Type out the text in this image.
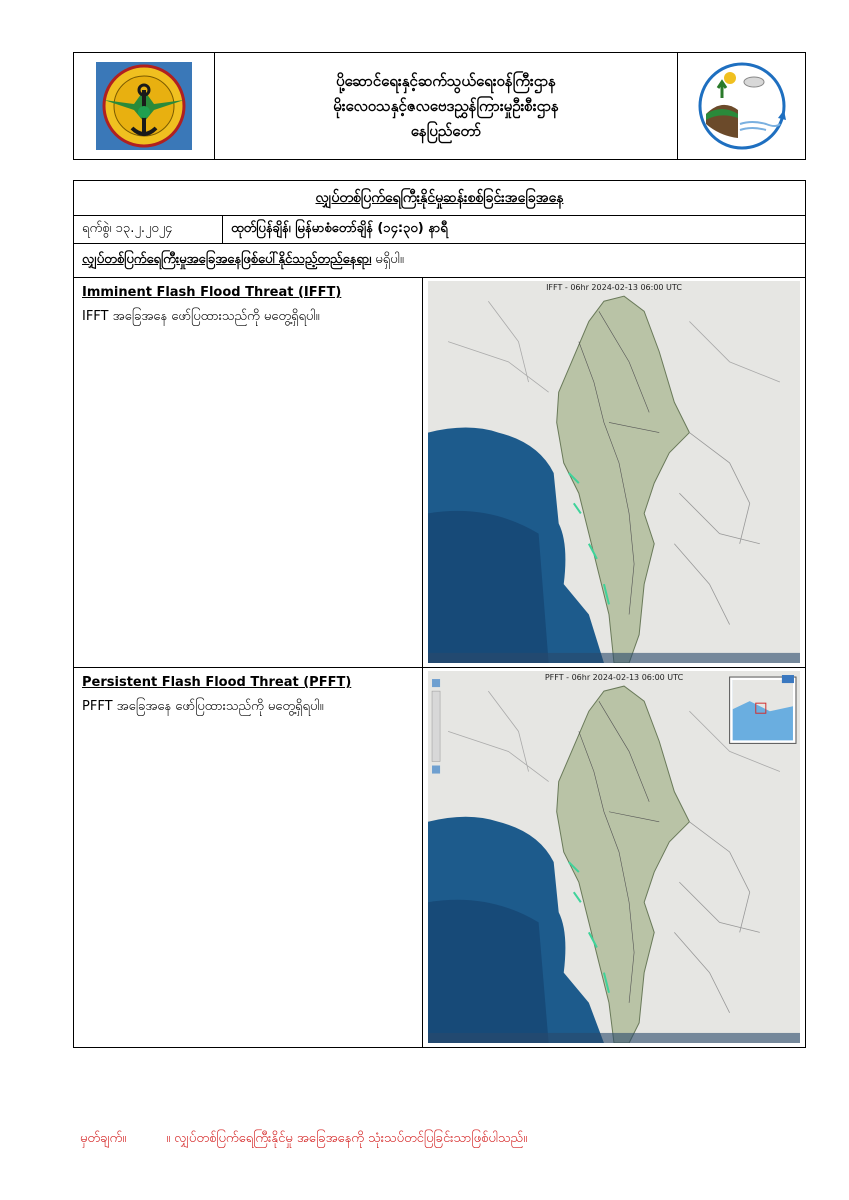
ပို့ဆောင်ရေးနှင့်ဆက်သွယ်ရေးဝန်ကြီးဌာန
မိုးလေဝသနှင့်ဇလဗေဒညွှန်ကြားမှုဦးစီးဌာန
နေပြည်တော်
လျှပ်တစ်ပြက်ရေကြီးနိုင်မှုဆန်းစစ်ခြင်းအခြေအနေ
ရက်စွဲ၊ ၁၃.၂.၂၀၂၄	ထုတ်ပြန်ချိန်၊ မြန်မာစံတော်ချိန် (၁၄:၃၀) နာရီ
လျှပ်တစ်ပြက်ရေကြီးမှုအခြေအနေဖြစ်ပေါ်နိုင်သည့်တည်နေရာ၊ မရှိပါ။
Imminent Flash Flood Threat (IFFT)
IFFT အခြေအနေ ဖော်ပြထားသည်ကို မတွေ့ရှိရပါ။
IFFT - 06hr 2024-02-13 06:00 UTC
Persistent Flash Flood Threat (PFFT)
PFFT အခြေအနေ ဖော်ပြထားသည်ကို မတွေ့ရှိရပါ။
PFFT - 06hr 2024-02-13 06:00 UTC
မှတ်ချက်။	။ လျှပ်တစ်ပြက်ရေကြီးနိုင်မှု အခြေအနေကို သုံးသပ်တင်ပြခြင်းသာဖြစ်ပါသည်။
